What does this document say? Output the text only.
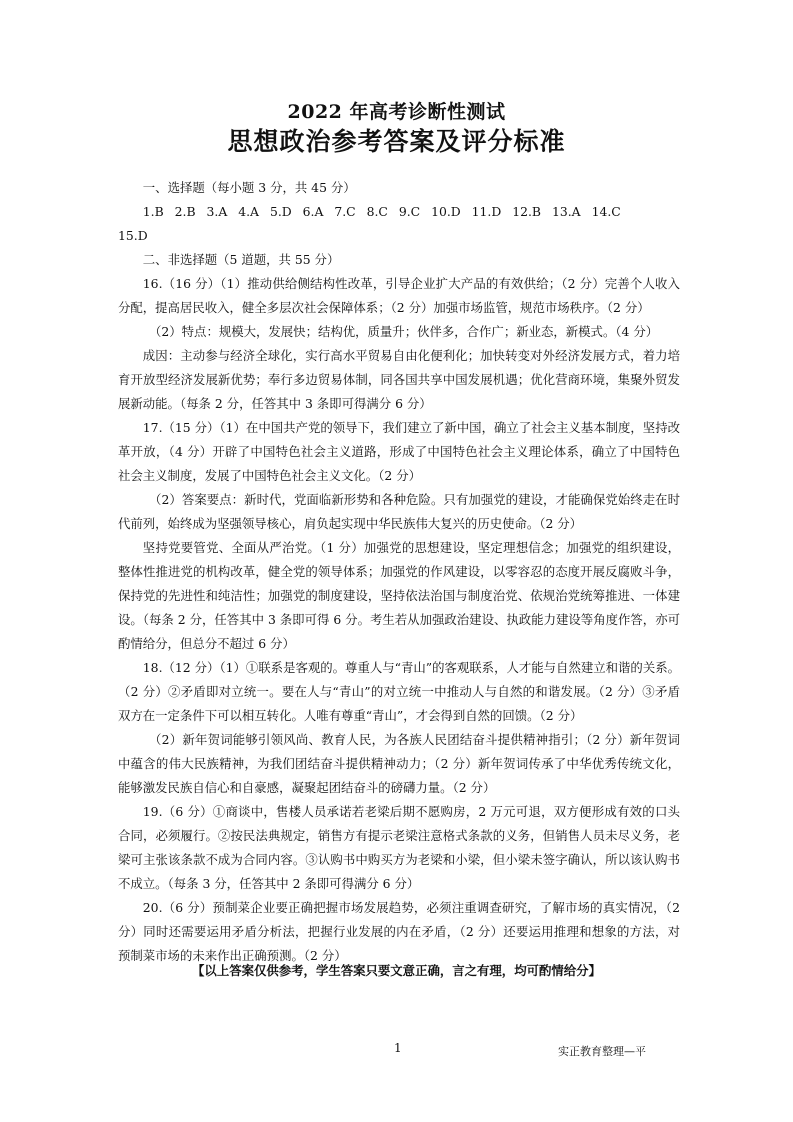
2022 年高考诊断性测试
思想政治参考答案及评分标准

一、选择题（每小题 3 分，共 45 分）

1.B 2.B 3.A 4.A 5.D 6.A 7.C 8.C 9.C 10.D 11.D 12.B 13.A 14.C
15.D

二、非选择题（5 道题，共 55 分）

16.（16 分）（1）推动供给侧结构性改革，引导企业扩大产品的有效供给；（2 分）完善个人收入分配，提高居民收入，健全多层次社会保障体系；（2 分）加强市场监管，规范市场秩序。（2 分）

（2）特点：规模大，发展快；结构优，质量升；伙伴多，合作广；新业态，新模式。（4 分）

成因：主动参与经济全球化，实行高水平贸易自由化便利化；加快转变对外经济发展方式，着力培育开放型经济发展新优势；奉行多边贸易体制，同各国共享中国发展机遇；优化营商环境，集聚外贸发展新动能。（每条 2 分，任答其中 3 条即可得满分 6 分）

17.（15 分）（1）在中国共产党的领导下，我们建立了新中国，确立了社会主义基本制度，坚持改革开放，（4 分）开辟了中国特色社会主义道路，形成了中国特色社会主义理论体系，确立了中国特色社会主义制度，发展了中国特色社会主义文化。（2 分）

（2）答案要点：新时代，党面临新形势和各种危险。只有加强党的建设，才能确保党始终走在时代前列，始终成为坚强领导核心，肩负起实现中华民族伟大复兴的历史使命。（2 分）

坚持党要管党、全面从严治党。（1 分）加强党的思想建设，坚定理想信念；加强党的组织建设，整体性推进党的机构改革，健全党的领导体系；加强党的作风建设，以零容忍的态度开展反腐败斗争，保持党的先进性和纯洁性；加强党的制度建设，坚持依法治国与制度治党、依规治党统筹推进、一体建设。（每条 2 分，任答其中 3 条即可得 6 分。考生若从加强政治建设、执政能力建设等角度作答，亦可酌情给分，但总分不超过 6 分）

18.（12 分）（1）①联系是客观的。尊重人与“青山”的客观联系，人才能与自然建立和谐的关系。（2 分）②矛盾即对立统一。要在人与“青山”的对立统一中推动人与自然的和谐发展。（2 分）③矛盾双方在一定条件下可以相互转化。人唯有尊重“青山”，才会得到自然的回馈。（2 分）

（2）新年贺词能够引领风尚、教育人民，为各族人民团结奋斗提供精神指引；（2 分）新年贺词中蕴含的伟大民族精神，为我们团结奋斗提供精神动力；（2 分）新年贺词传承了中华优秀传统文化，能够激发民族自信心和自豪感，凝聚起团结奋斗的磅礴力量。（2 分）

19.（6 分）①商谈中，售楼人员承诺若老梁后期不愿购房，2 万元可退，双方便形成有效的口头合同，必须履行。②按民法典规定，销售方有提示老梁注意格式条款的义务，但销售人员未尽义务，老梁可主张该条款不成为合同内容。③认购书中购买方为老梁和小梁，但小梁未签字确认，所以该认购书不成立。（每条 3 分，任答其中 2 条即可得满分 6 分）

20.（6 分）预制菜企业要正确把握市场发展趋势，必须注重调查研究，了解市场的真实情况，（2 分）同时还需要运用矛盾分析法，把握行业发展的内在矛盾，（2 分）还要运用推理和想象的方法，对预制菜市场的未来作出正确预测。（2 分）

【以上答案仅供参考，学生答案只要文意正确，言之有理，均可酌情给分】
1	实正教育整理—平
